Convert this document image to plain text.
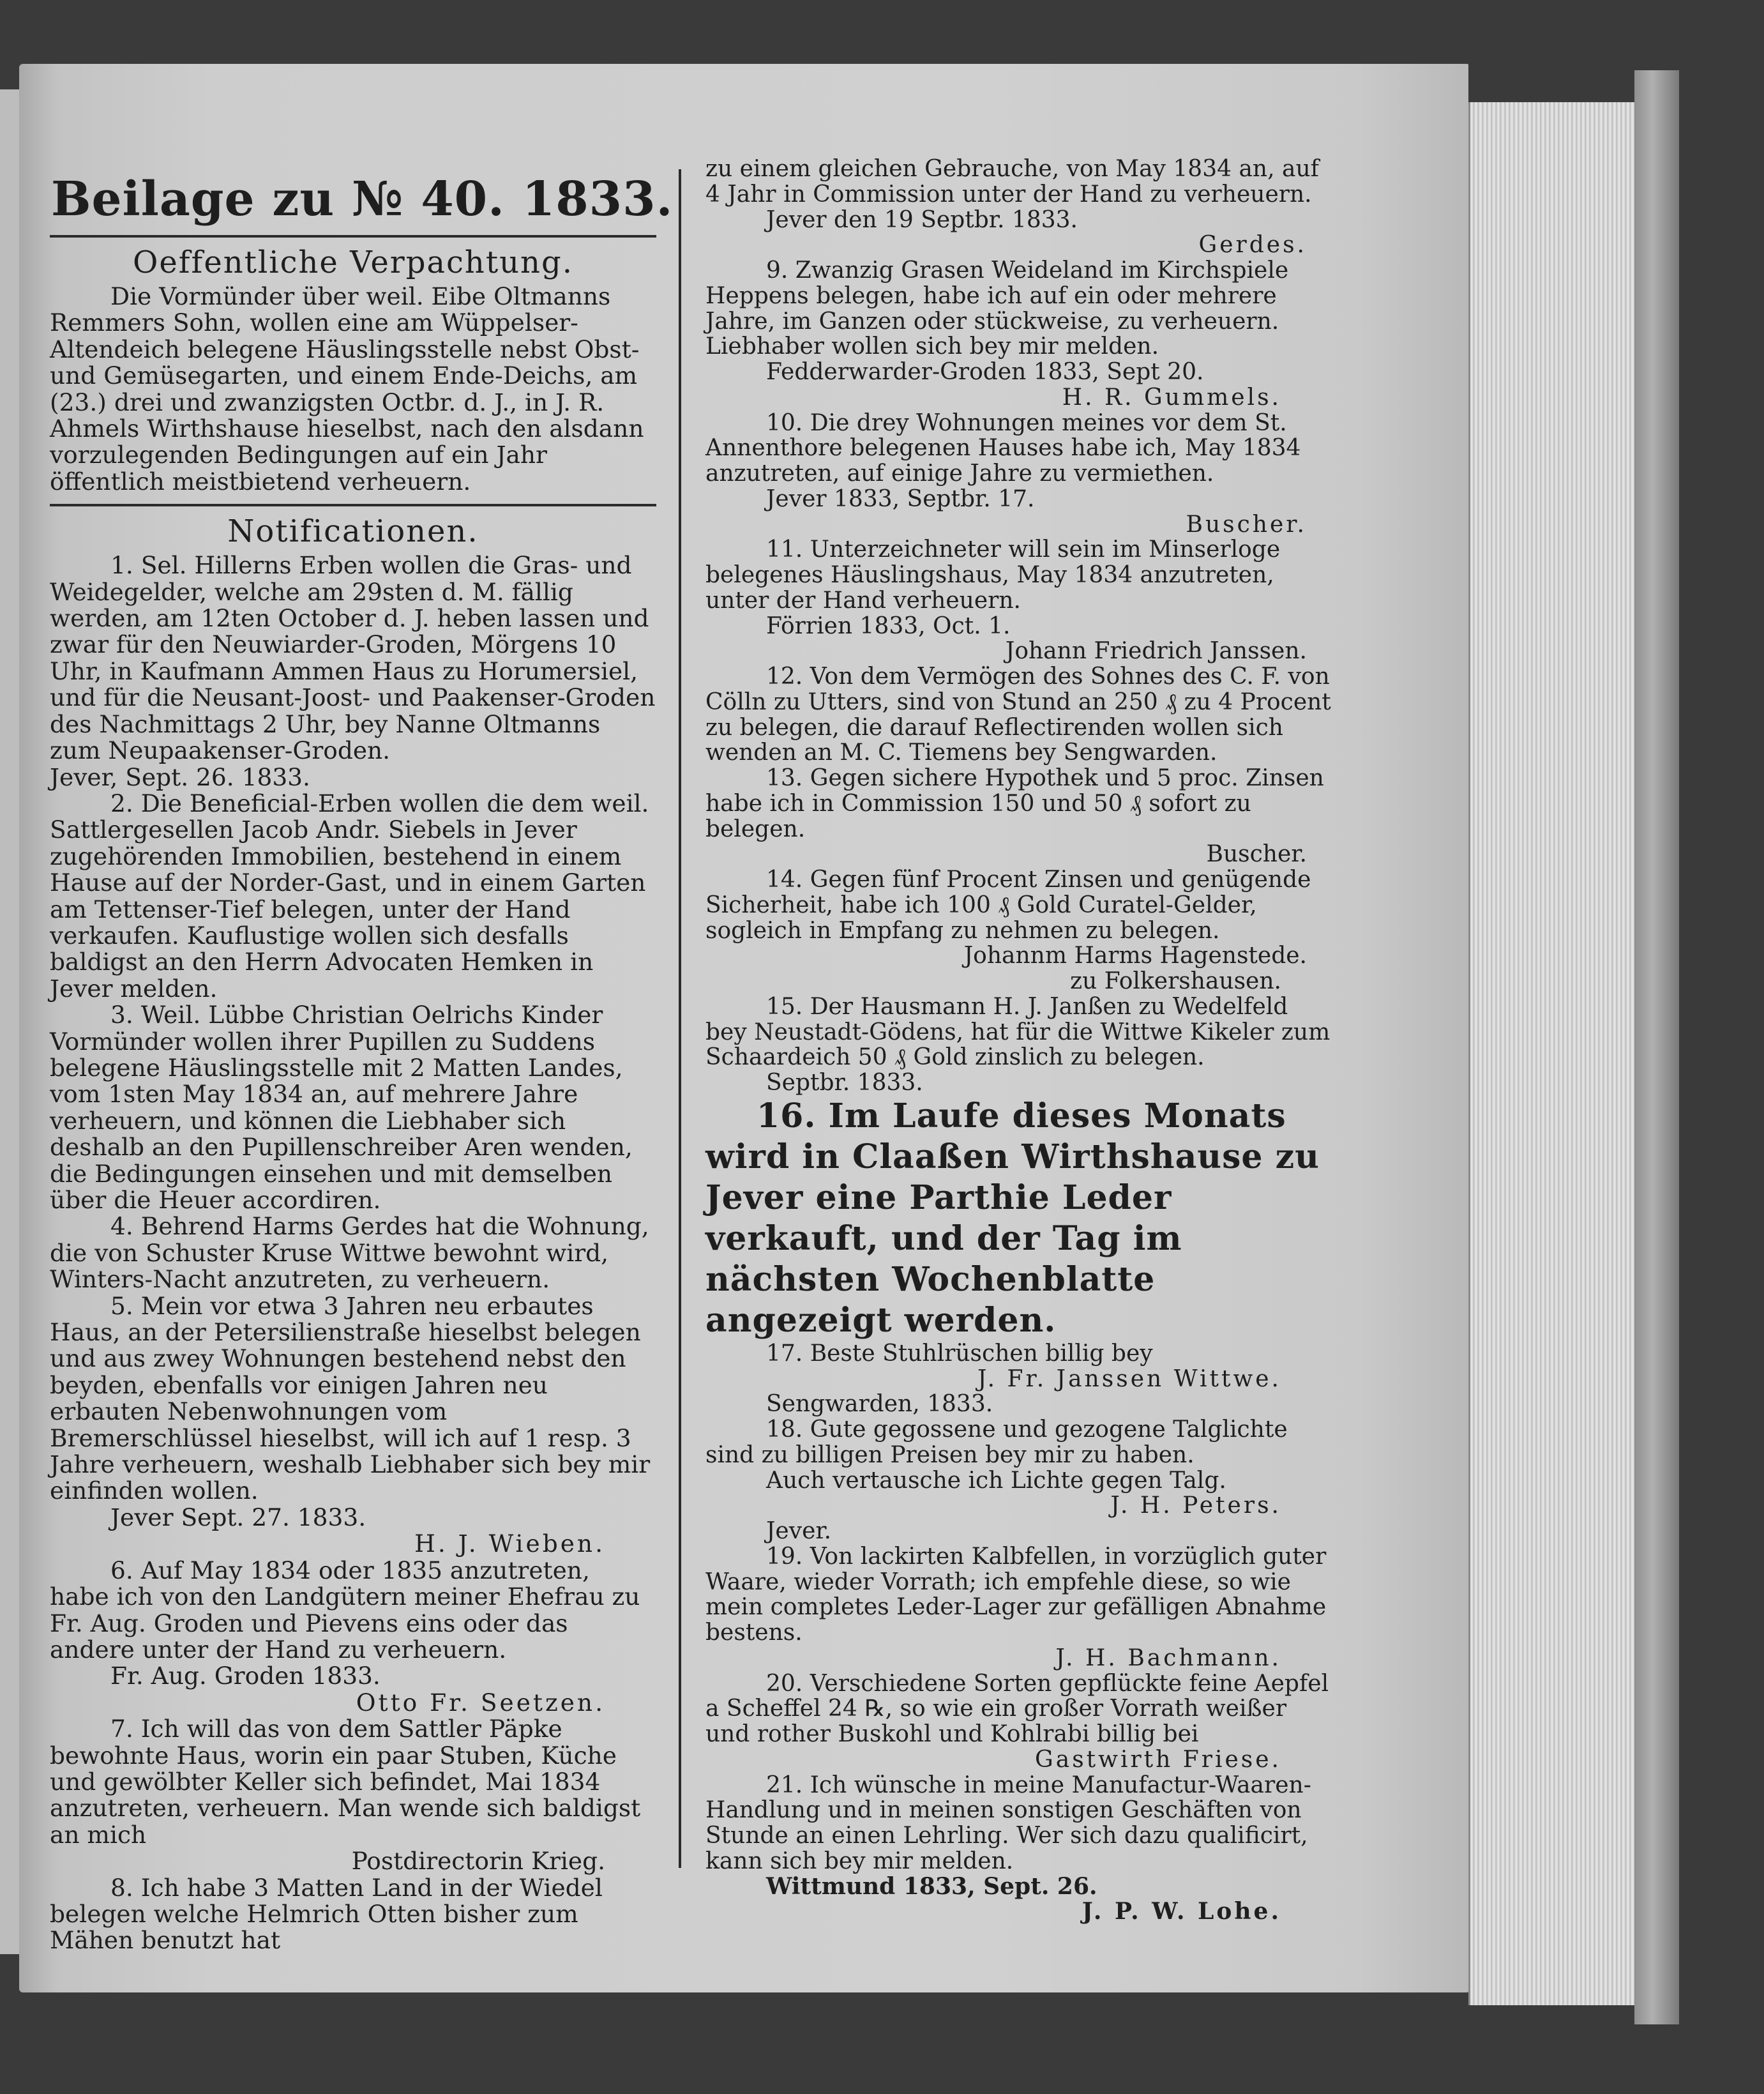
Beilage zu № 40. 1833.

Oeffentliche Verpachtung.

Die Vormünder über weil. Eibe Oltmanns Remmers Sohn, wollen eine am Wüppelser-Altendeich belegene Häuslingsstelle nebst Obst- und Gemüsegarten, und einem Ende-Deichs, am (23.) drei und zwanzigsten Octbr. d. J., in J. R. Ahmels Wirthshause hieselbst, nach den alsdann vorzulegenden Bedingungen auf ein Jahr öffentlich meistbietend verheuern.

Notificationen.

1. Sel. Hillerns Erben wollen die Gras- und Weidegelder, welche am 29sten d. M. fällig werden, am 12ten October d. J. heben lassen und zwar für den Neuwiarder-Groden, Mörgens 10 Uhr, in Kaufmann Ammen Haus zu Horumersiel, und für die Neusant-Joost- und Paakenser-Groden des Nachmittags 2 Uhr, bey Nanne Oltmanns zum Neupaakenser-Groden.

Jever, Sept. 26. 1833.

2. Die Beneficial-Erben wollen die dem weil. Sattlergesellen Jacob Andr. Siebels in Jever zugehörenden Immobilien, bestehend in einem Hause auf der Norder-Gast, und in einem Garten am Tettenser-Tief belegen, unter der Hand verkaufen. Kauflustige wollen sich desfalls baldigst an den Herrn Advocaten Hemken in Jever melden.

3. Weil. Lübbe Christian Oelrichs Kinder Vormünder wollen ihrer Pupillen zu Suddens belegene Häuslingsstelle mit 2 Matten Landes, vom 1sten May 1834 an, auf mehrere Jahre verheuern, und können die Liebhaber sich deshalb an den Pupillenschreiber Aren wenden, die Bedingungen einsehen und mit demselben über die Heuer accordiren.

4. Behrend Harms Gerdes hat die Wohnung, die von Schuster Kruse Wittwe bewohnt wird, Winters-Nacht anzutreten, zu verheuern.

5. Mein vor etwa 3 Jahren neu erbautes Haus, an der Petersilienstraße hieselbst belegen und aus zwey Wohnungen bestehend nebst den beyden, ebenfalls vor einigen Jahren neu erbauten Nebenwohnungen vom Bremerschlüssel hieselbst, will ich auf 1 resp. 3 Jahre verheuern, weshalb Liebhaber sich bey mir einfinden wollen.

Jever Sept. 27. 1833.

H. J. Wieben.

6. Auf May 1834 oder 1835 anzutreten, habe ich von den Landgütern meiner Ehefrau zu Fr. Aug. Groden und Pievens eins oder das andere unter der Hand zu verheuern.

Fr. Aug. Groden 1833.

Otto Fr. Seetzen.

7. Ich will das von dem Sattler Päpke bewohnte Haus, worin ein paar Stuben, Küche und gewölbter Keller sich befindet, Mai 1834 anzutreten, verheuern. Man wende sich baldigst an mich

Postdirectorin Krieg.

8. Ich habe 3 Matten Land in der Wiedel belegen welche Helmrich Otten bisher zum Mähen benutzt hat

zu einem gleichen Gebrauche, von May 1834 an, auf 4 Jahr in Commission unter der Hand zu verheuern.

Jever den 19 Septbr. 1833.

Gerdes.

9. Zwanzig Grasen Weideland im Kirchspiele Heppens belegen, habe ich auf ein oder mehrere Jahre, im Ganzen oder stückweise, zu verheuern. Liebhaber wollen sich bey mir melden.

Fedderwarder-Groden 1833, Sept 20.

H. R. Gummels.

10. Die drey Wohnungen meines vor dem St. Annenthore belegenen Hauses habe ich, May 1834 anzutreten, auf einige Jahre zu vermiethen.

Jever 1833, Septbr. 17.

Buscher.

11. Unterzeichneter will sein im Minserloge belegenes Häuslingshaus, May 1834 anzutreten, unter der Hand verheuern.

Förrien 1833, Oct. 1.

Johann Friedrich Janssen.

12. Von dem Vermögen des Sohnes des C. F. von Cölln zu Utters, sind von Stund an 250 ₰ zu 4 Procent zu belegen, die darauf Reflectirenden wollen sich wenden an M. C. Tiemens bey Sengwarden.

13. Gegen sichere Hypothek und 5 proc. Zinsen habe ich in Commission 150 und 50 ₰ sofort zu belegen.

Buscher.

14. Gegen fünf Procent Zinsen und genügende Sicherheit, habe ich 100 ₰ Gold Curatel-Gelder, sogleich in Empfang zu nehmen zu belegen.

Johannm Harms Hagenstede.

zu Folkershausen.

15. Der Hausmann H. J. Janßen zu Wedelfeld bey Neustadt-Gödens, hat für die Wittwe Kikeler zum Schaardeich 50 ₰ Gold zinslich zu belegen.

Septbr. 1833.

16. Im Laufe dieses Monats wird in Claaßen Wirthshause zu Jever eine Parthie Leder verkauft, und der Tag im nächsten Wochenblatte angezeigt werden.

17. Beste Stuhlrüschen billig bey

J. Fr. Janssen Wittwe.

Sengwarden, 1833.

18. Gute gegossene und gezogene Talglichte sind zu billigen Preisen bey mir zu haben.

Auch vertausche ich Lichte gegen Talg.

J. H. Peters.

Jever.

19. Von lackirten Kalbfellen, in vorzüglich guter Waare, wieder Vorrath; ich empfehle diese, so wie mein completes Leder-Lager zur gefälligen Abnahme bestens.

J. H. Bachmann.

20. Verschiedene Sorten gepflückte feine Aepfel a Scheffel 24 ℞, so wie ein großer Vorrath weißer und rother Buskohl und Kohlrabi billig bei

Gastwirth Friese.

21. Ich wünsche in meine Manufactur-Waaren-Handlung und in meinen sonstigen Geschäften von Stunde an einen Lehrling. Wer sich dazu qualificirt, kann sich bey mir melden.

Wittmund 1833, Sept. 26.

J. P. W. Lohe.
